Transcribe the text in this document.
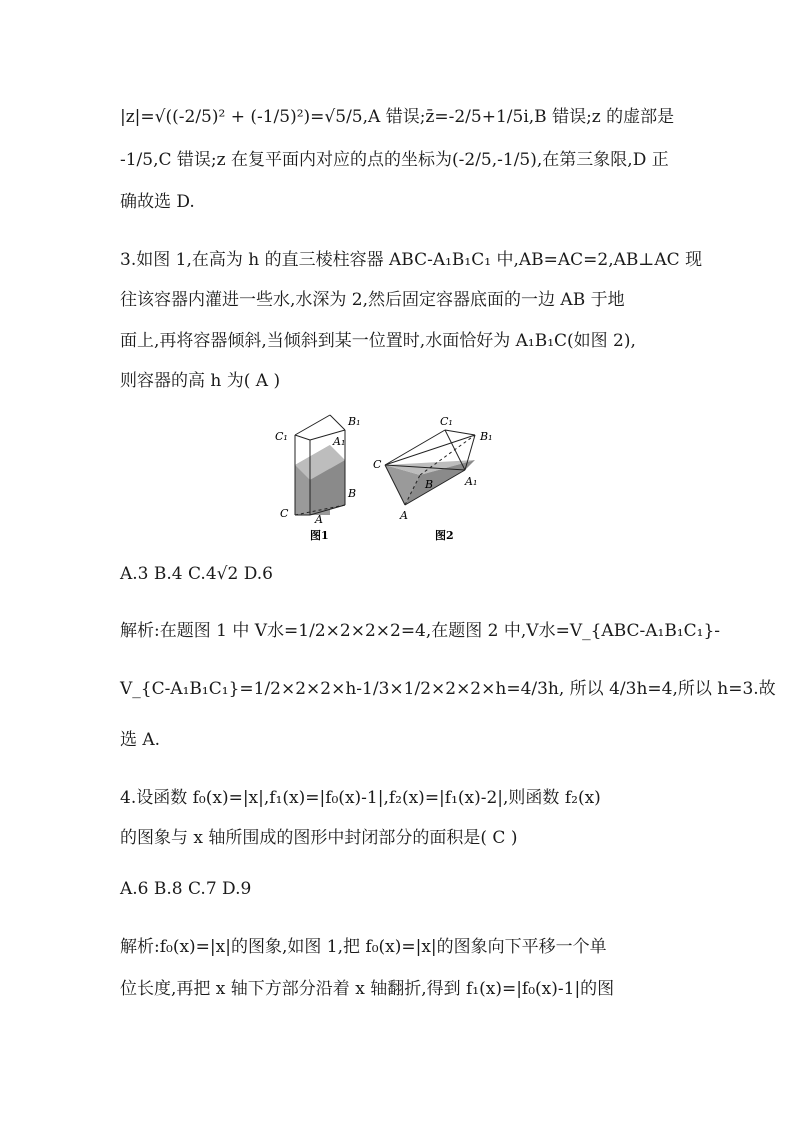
|z|=√((-2/5)² + (-1/5)²)=√5/5,A 错误;z̄=-2/5+1/5i,B 错误;z 的虚部是
-1/5,C 错误;z 在复平面内对应的点的坐标为(-2/5,-1/5),在第三象限,D 正
确故选 D.
3.如图 1,在高为 h 的直三棱柱容器 ABC-A₁B₁C₁ 中,AB=AC=2,AB⊥AC 现
往该容器内灌进一些水,水深为 2,然后固定容器底面的一边 AB 于地
面上,再将容器倾斜,当倾斜到某一位置时,水面恰好为 A₁B₁C(如图 2),
则容器的高 h 为( A )
C₁
B₁
A₁
C
B
A
图1
C₁
B₁
C
B	A₁
A
图2
A.3 B.4 C.4√2 D.6
解析:在题图 1 中 V水=1/2×2×2×2=4,在题图 2 中,V水=V_{ABC-A₁B₁C₁}-
V_{C-A₁B₁C₁}=1/2×2×2×h-1/3×1/2×2×2×h=4/3h, 所以 4/3h=4,所以 h=3.故
选 A.
4.设函数 f₀(x)=|x|,f₁(x)=|f₀(x)-1|,f₂(x)=|f₁(x)-2|,则函数 f₂(x)
的图象与 x 轴所围成的图形中封闭部分的面积是( C )
A.6 B.8 C.7 D.9
解析:f₀(x)=|x|的图象,如图 1,把 f₀(x)=|x|的图象向下平移一个单
位长度,再把 x 轴下方部分沿着 x 轴翻折,得到 f₁(x)=|f₀(x)-1|的图
